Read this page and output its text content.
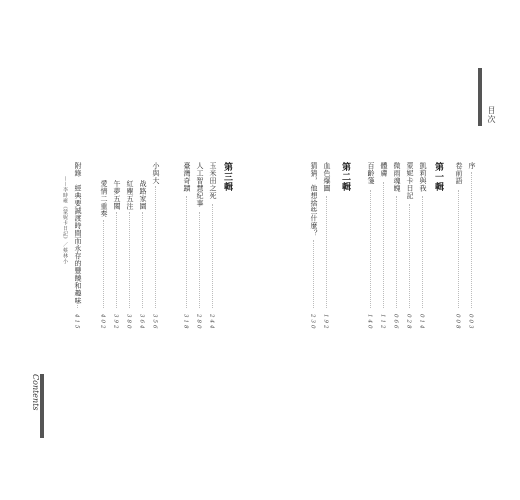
目次
序
003
卷前語
008
第一輯
凱莉與我
014
蒙妮卡日記
028
微雨魂魄
066
體膚
112
百齡箋
140
第二輯
血色爆圖
192
猜猜，他想捨些什麼？
230
第三輯
玉米田之死
244
人工智慧紀事
280
臺灣奇蹟
318
小與大
356
战路家園
364
紅塵五注
380
午夢五闋
392
愛情二重奏
402
附錄　經典要誠渡時間而永存的豐饒和趣味
——李時雍《蒙妮卡日記》／蔡林小
415
Contents
